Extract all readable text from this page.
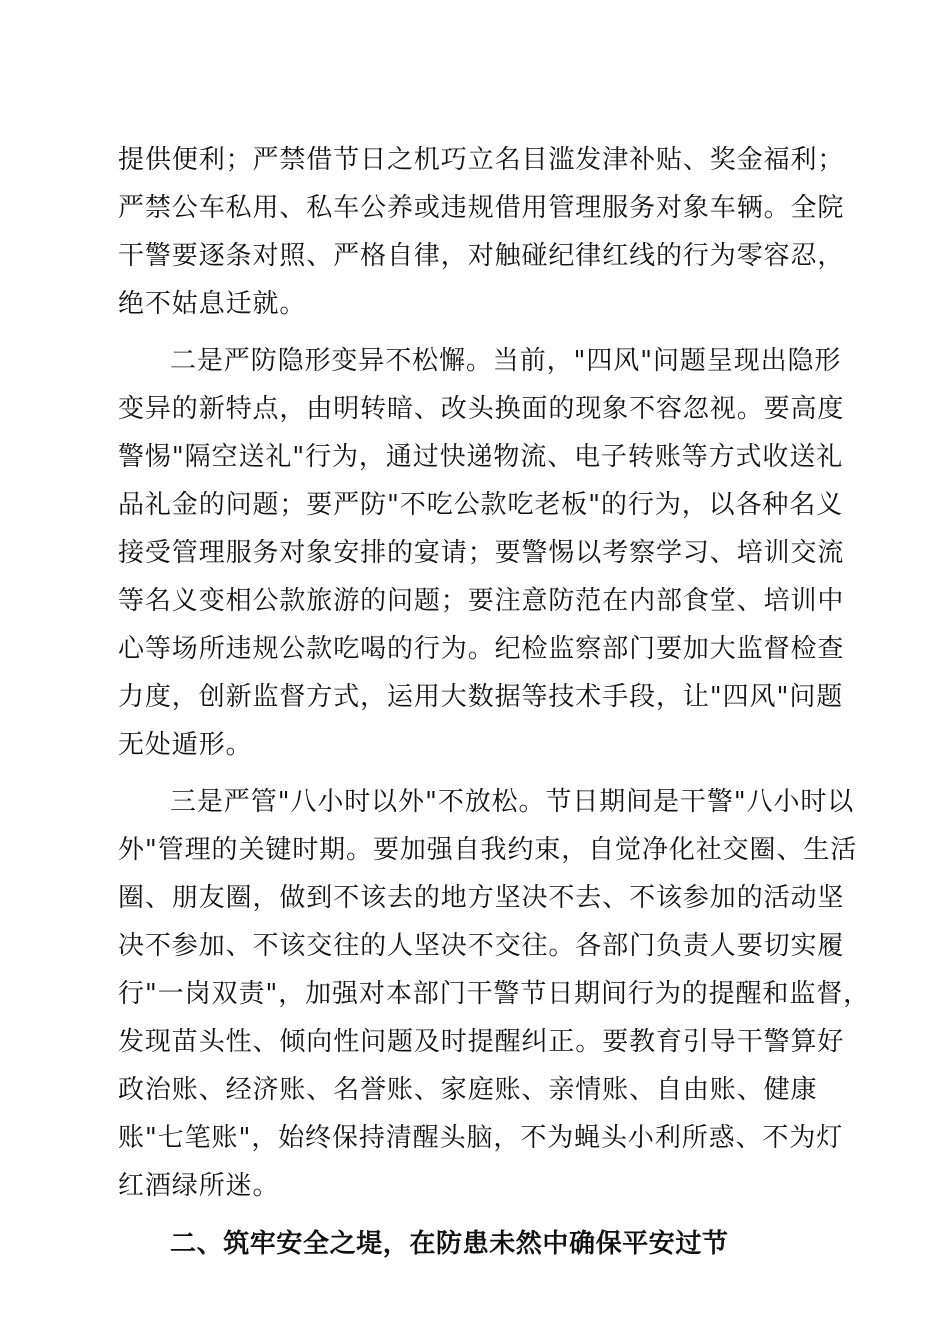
提供便利；严禁借节日之机巧立名目滥发津补贴、奖金福利；
严禁公车私用、私车公养或违规借用管理服务对象车辆。全院
干警要逐条对照、严格自律，对触碰纪律红线的行为零容忍，
绝不姑息迁就。
二是严防隐形变异不松懈。当前，"四风"问题呈现出隐形
变异的新特点，由明转暗、改头换面的现象不容忽视。要高度
警惕"隔空送礼"行为，通过快递物流、电子转账等方式收送礼
品礼金的问题；要严防"不吃公款吃老板"的行为，以各种名义
接受管理服务对象安排的宴请；要警惕以考察学习、培训交流
等名义变相公款旅游的问题；要注意防范在内部食堂、培训中
心等场所违规公款吃喝的行为。纪检监察部门要加大监督检查
力度，创新监督方式，运用大数据等技术手段，让"四风"问题
无处遁形。
三是严管"八小时以外"不放松。节日期间是干警"八小时以
外"管理的关键时期。要加强自我约束，自觉净化社交圈、生活
圈、朋友圈，做到不该去的地方坚决不去、不该参加的活动坚
决不参加、不该交往的人坚决不交往。各部门负责人要切实履
行"一岗双责"，加强对本部门干警节日期间行为的提醒和监督，
发现苗头性、倾向性问题及时提醒纠正。要教育引导干警算好
政治账、经济账、名誉账、家庭账、亲情账、自由账、健康
账"七笔账"，始终保持清醒头脑，不为蝇头小利所惑、不为灯
红酒绿所迷。
二、筑牢安全之堤，在防患未然中确保平安过节
